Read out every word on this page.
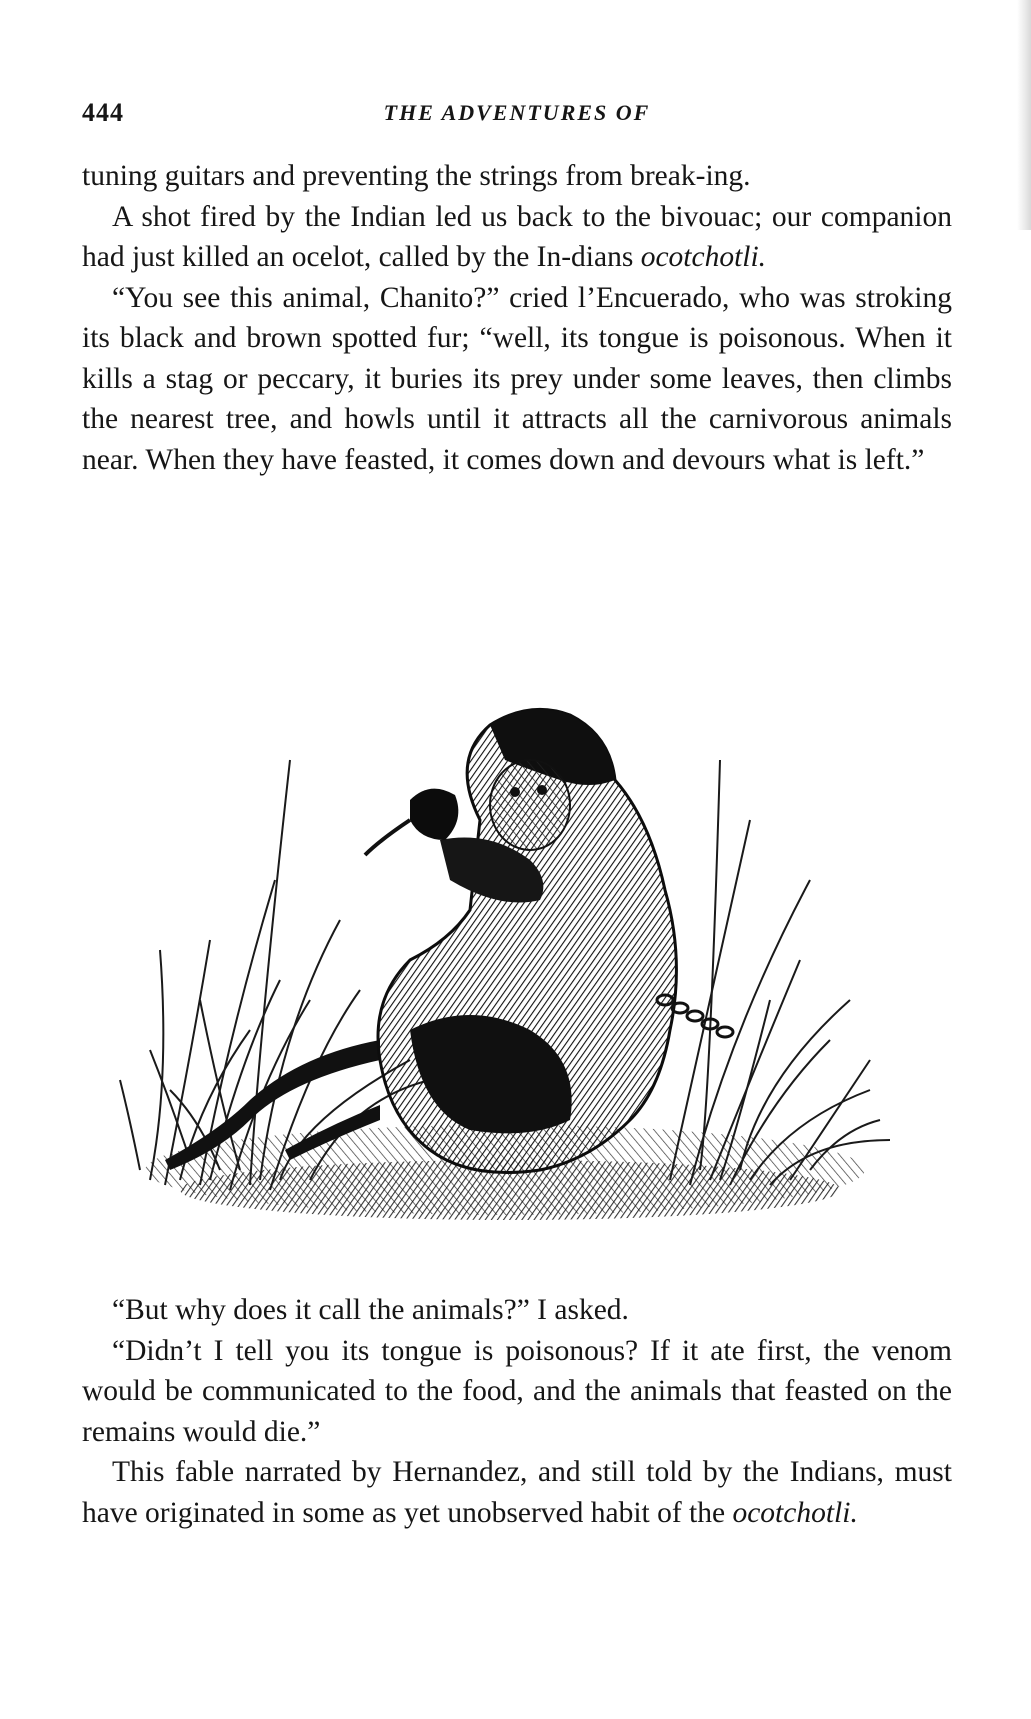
444	THE ADVENTURES OF

tuning guitars and preventing the strings from break-ing.

A shot fired by the Indian led us back to the bivouac; our companion had just killed an ocelot, called by the In-dians ocotchotli.

“You see this animal, Chanito?” cried l’Encuerado, who was stroking its black and brown spotted fur; “well, its tongue is poisonous. When it kills a stag or peccary, it buries its prey under some leaves, then climbs the nearest tree, and howls until it attracts all the carnivorous animals near. When they have feasted, it comes down and devours what is left.”

“But why does it call the animals?” I asked.

“Didn’t I tell you its tongue is poisonous? If it ate first, the venom would be communicated to the food, and the animals that feasted on the remains would die.”

This fable narrated by Hernandez, and still told by the Indians, must have originated in some as yet unobserved habit of the ocotchotli.
